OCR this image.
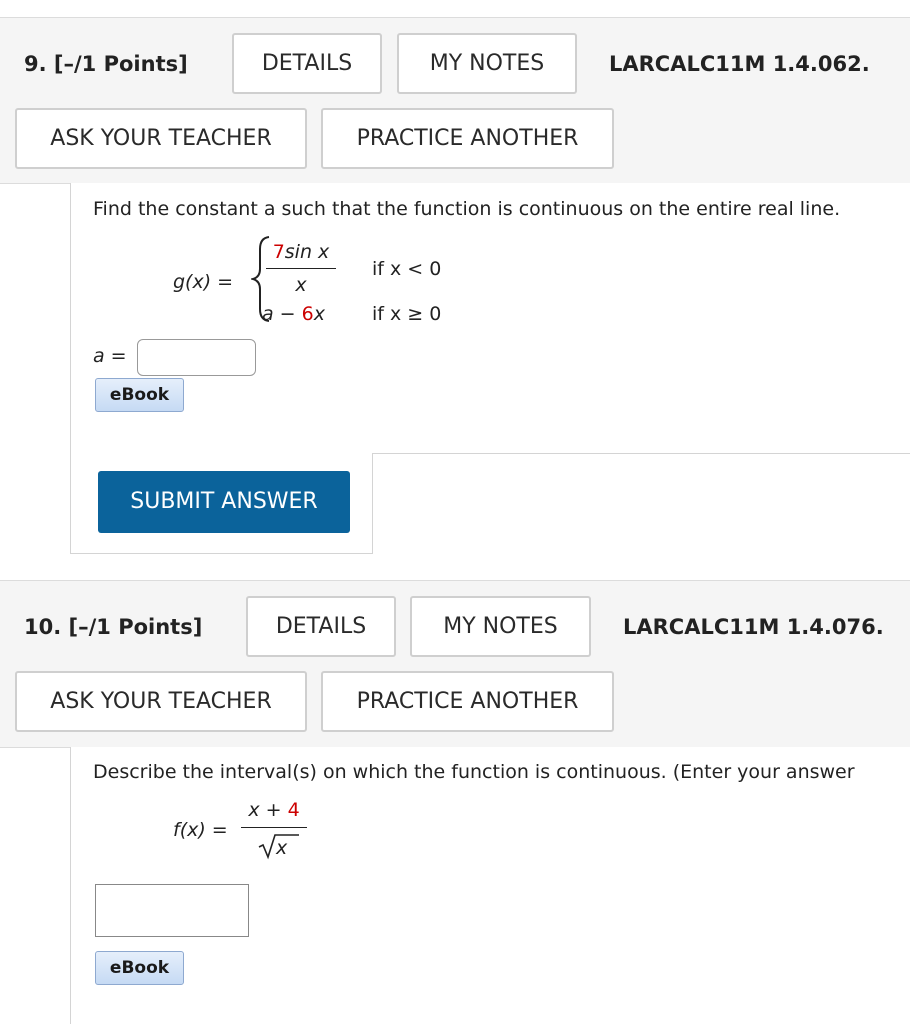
9. [–/1 Points]	DETAILS	MY NOTES	LARCALC11M 1.4.062.
ASK YOUR TEACHER	PRACTICE ANOTHER
Find the constant a such that the function is continuous on the entire real line.
g(x) =
7sin x
x
if x < 0
a − 6x if x ≥ 0
a =
eBook
SUBMIT ANSWER
10. [–/1 Points]	DETAILS	MY NOTES	LARCALC11M 1.4.076.
ASK YOUR TEACHER	PRACTICE ANOTHER
Describe the interval(s) on which the function is continuous. (Enter your answer
f(x) =
x + 4
x
eBook
